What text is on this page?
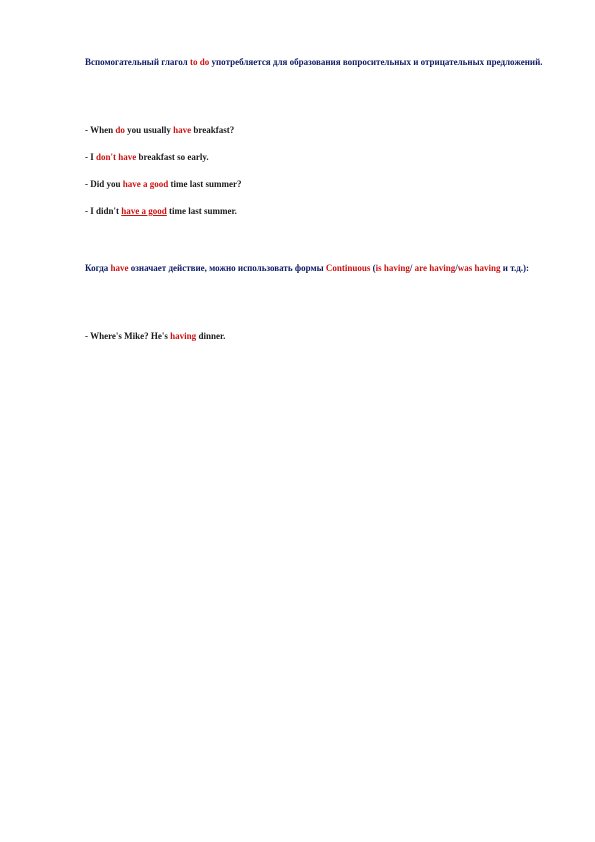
Вспомогательный глагол to do употребляется для образования вопросительных и отрицательных предложений.

- When do you usually have breakfast?

- I don't have breakfast so early.

- Did you have a good time last summer?

- I didn't have a good time last summer.

Когда have означает действие, можно использовать формы Continuous (is having/ are having/was having и т.д.):

- Where's Mike? He's having dinner.
